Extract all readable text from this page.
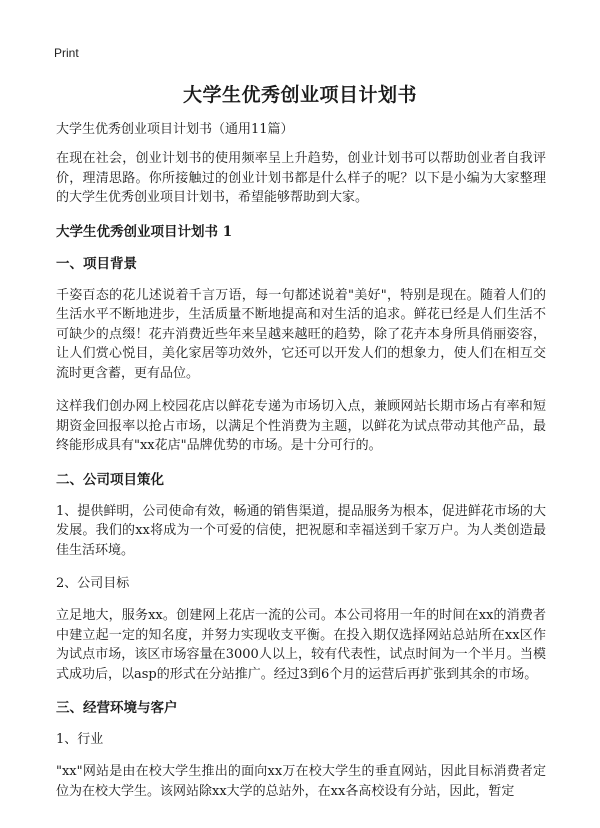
Print
大学生优秀创业项目计划书

大学生优秀创业项目计划书（通用11篇）

在现在社会，创业计划书的使用频率呈上升趋势，创业计划书可以帮助创业者自我评价，理清思路。你所接触过的创业计划书都是什么样子的呢？以下是小编为大家整理的大学生优秀创业项目计划书，希望能够帮助到大家。

大学生优秀创业项目计划书 1
一、项目背景

千姿百态的花儿述说着千言万语，每一句都述说着"美好"，特别是现在。随着人们的生活水平不断地进步，生活质量不断地提高和对生活的追求。鲜花已经是人们生活不可缺少的点缀！花卉消费近些年来呈越来越旺的趋势，除了花卉本身所具俏丽姿容，让人们赏心悦目，美化家居等功效外，它还可以开发人们的想象力，使人们在相互交流时更含蓄，更有品位。

这样我们创办网上校园花店以鲜花专递为市场切入点，兼顾网站长期市场占有率和短期资金回报率以抢占市场，以满足个性消费为主题，以鲜花为试点带动其他产品，最终能形成具有"xx花店"品牌优势的市场。是十分可行的。

二、公司项目策化

1、提供鲜明，公司使命有效，畅通的销售渠道，提品服务为根本，促进鲜花市场的大发展。我们的xx将成为一个可爱的信使，把祝愿和幸福送到千家万户。为人类创造最佳生活环境。

2、公司目标

立足地大，服务xx。创建网上花店一流的公司。本公司将用一年的时间在xx的消费者中建立起一定的知名度，并努力实现收支平衡。在投入期仅选择网站总站所在xx区作为试点市场，该区市场容量在3000人以上，较有代表性，试点时间为一个半月。当模式成功后，以asp的形式在分站推广。经过3到6个月的运营后再扩张到其余的市场。

三、经营环境与客户

1、行业

"xx"网站是由在校大学生推出的面向xx万在校大学生的垂直网站，因此目标消费者定位为在校大学生。该网站除xx大学的总站外，在xx各高校设有分站，因此，暂定
